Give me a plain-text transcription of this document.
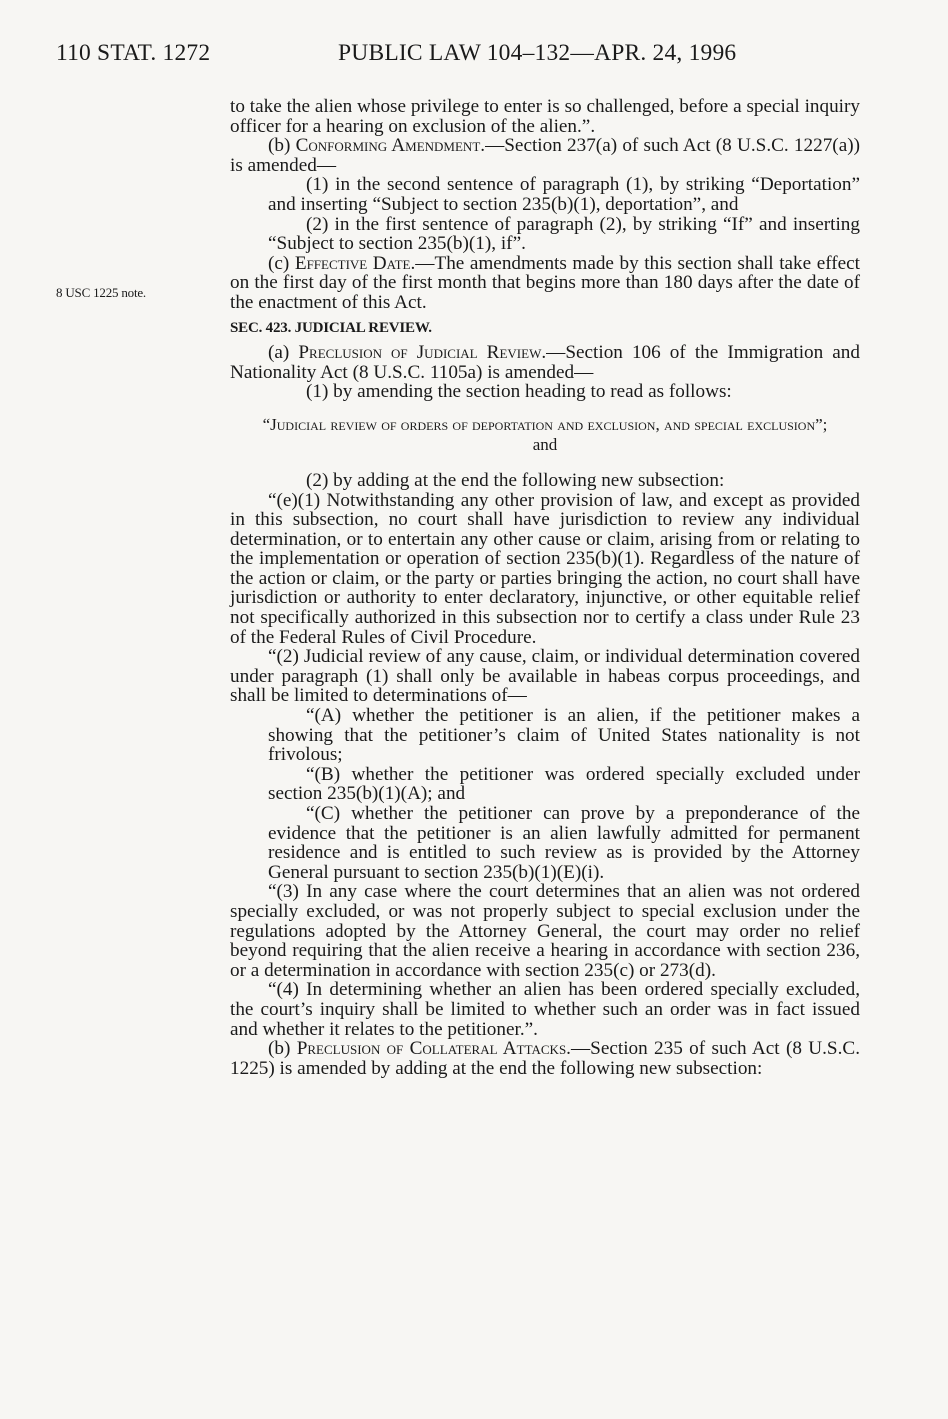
110 STAT. 1272	PUBLIC LAW 104–132—APR. 24, 1996
8 USC 1225 note.

to take the alien whose privilege to enter is so challenged, before a special inquiry officer for a hearing on exclusion of the alien.”.

(b) Conforming Amendment.—Section 237(a) of such Act (8 U.S.C. 1227(a)) is amended—

(1) in the second sentence of paragraph (1), by striking “Deportation” and inserting “Subject to section 235(b)(1), deportation”, and

(2) in the first sentence of paragraph (2), by striking “If” and inserting “Subject to section 235(b)(1), if”.

(c) Effective Date.—The amendments made by this section shall take effect on the first day of the first month that begins more than 180 days after the date of the enactment of this Act.

SEC. 423. JUDICIAL REVIEW.

(a) Preclusion of Judicial Review.—Section 106 of the Immigration and Nationality Act (8 U.S.C. 1105a) is amended—

(1) by amending the section heading to read as follows:

“Judicial review of orders of deportation and exclusion, and special exclusion”; and

(2) by adding at the end the following new subsection:

“(e)(1) Notwithstanding any other provision of law, and except as provided in this subsection, no court shall have jurisdiction to review any individual determination, or to entertain any other cause or claim, arising from or relating to the implementation or operation of section 235(b)(1). Regardless of the nature of the action or claim, or the party or parties bringing the action, no court shall have jurisdiction or authority to enter declaratory, injunctive, or other equitable relief not specifically authorized in this subsection nor to certify a class under Rule 23 of the Federal Rules of Civil Procedure.

“(2) Judicial review of any cause, claim, or individual determination covered under paragraph (1) shall only be available in habeas corpus proceedings, and shall be limited to determinations of—

“(A) whether the petitioner is an alien, if the petitioner makes a showing that the petitioner’s claim of United States nationality is not frivolous;

“(B) whether the petitioner was ordered specially excluded under section 235(b)(1)(A); and

“(C) whether the petitioner can prove by a preponderance of the evidence that the petitioner is an alien lawfully admitted for permanent residence and is entitled to such review as is provided by the Attorney General pursuant to section 235(b)(1)(E)(i).

“(3) In any case where the court determines that an alien was not ordered specially excluded, or was not properly subject to special exclusion under the regulations adopted by the Attorney General, the court may order no relief beyond requiring that the alien receive a hearing in accordance with section 236, or a determination in accordance with section 235(c) or 273(d).

“(4) In determining whether an alien has been ordered specially excluded, the court’s inquiry shall be limited to whether such an order was in fact issued and whether it relates to the petitioner.”.

(b) Preclusion of Collateral Attacks.—Section 235 of such Act (8 U.S.C. 1225) is amended by adding at the end the following new subsection:
